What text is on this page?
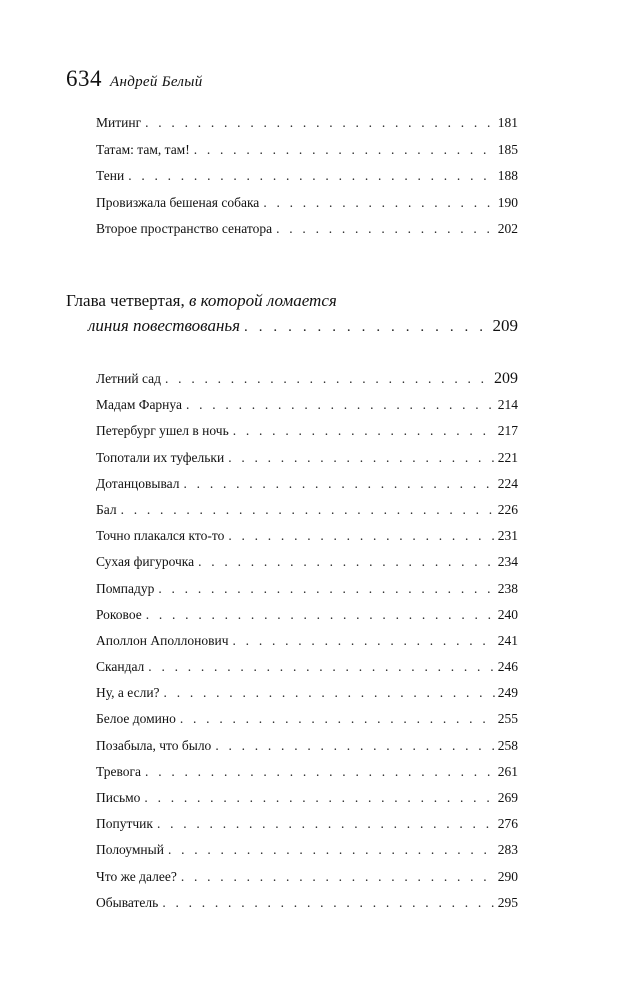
634 Андрей Белый
Митинг . . .	181
Татам: там, там! . . .	185
Тени . . .	188
Провизжала бешеная собака . . .	190
Второе пространство сенатора . . .	202
Глава четвертая, в которой ломается
линия повествованья . . .	209
Летний сад . . .	209
Мадам Фарнуа . . .	214
Петербург ушел в ночь . . .	217
Топотали их туфельки . . .	221
Дотанцовывал . . .	224
Бал . . .	226
Точно плакался кто-то . . .	231
Сухая фигурочка . . .	234
Помпадур . . .	238
Роковое . . .	240
Аполлон Аполлонович . . .	241
Скандал . . .	246
Ну, а если? . . .	249
Белое домино . . .	255
Позабыла, что было . . .	258
Тревога . . .	261
Письмо . . .	269
Попутчик . . .	276
Полоумный . . .	283
Что же далее? . . .	290
Обыватель . . .	295
